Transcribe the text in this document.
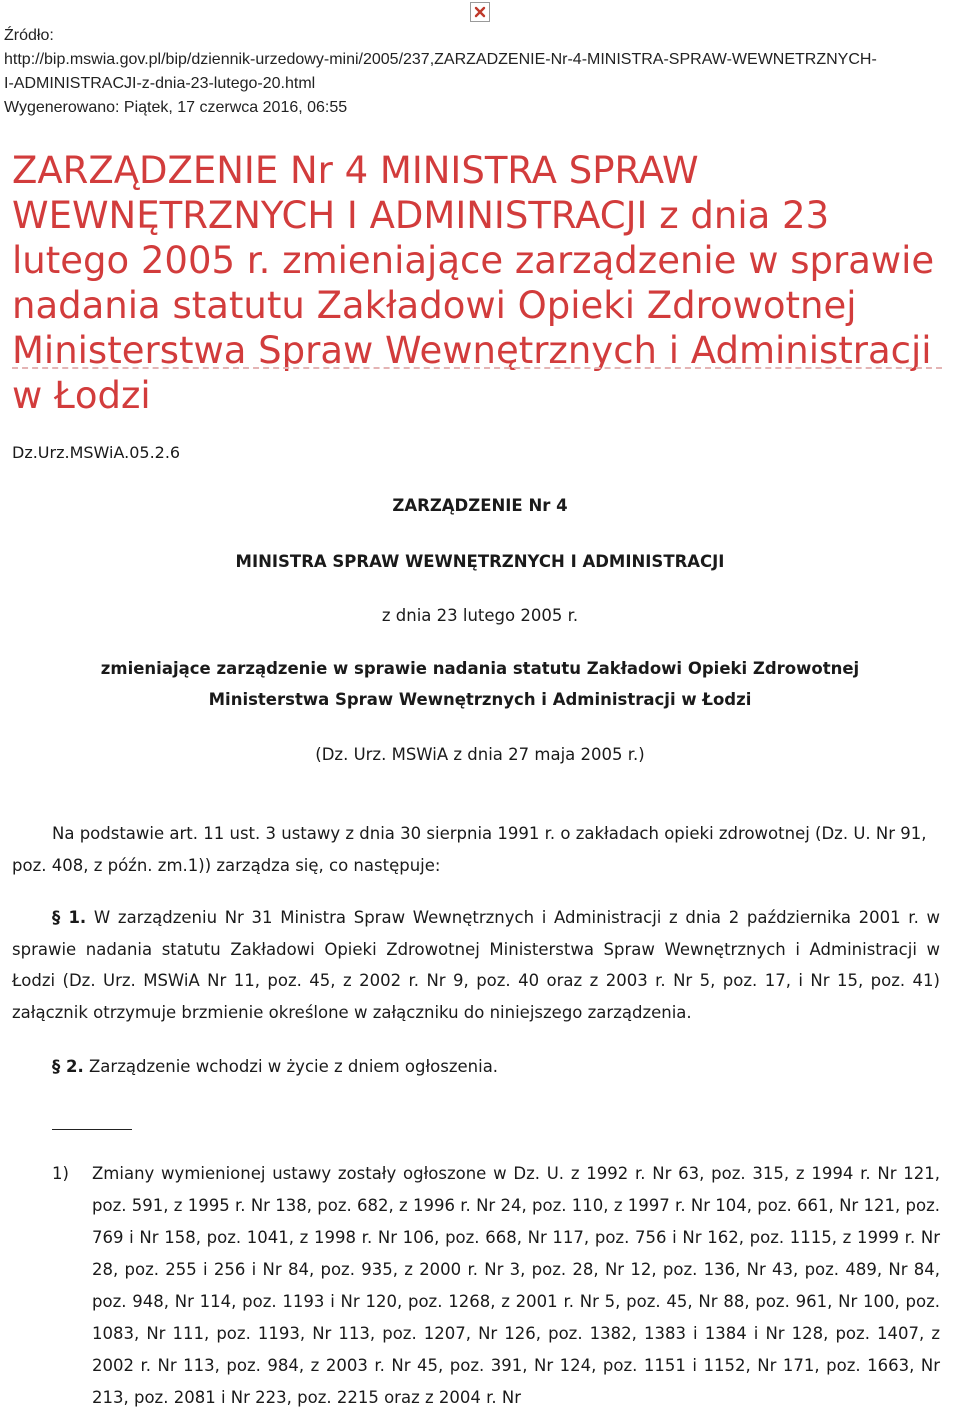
Źródło:
http://bip.mswia.gov.pl/bip/dziennik-urzedowy-mini/2005/237,ZARZADZENIE-Nr-4-MINISTRA-SPRAW-WEWNETRZNYCH-
I-ADMINISTRACJI-z-dnia-23-lutego-20.html
Wygenerowano: Piątek, 17 czerwca 2016, 06:55
ZARZĄDZENIE Nr 4 MINISTRA SPRAW WEWNĘTRZNYCH I ADMINISTRACJI z dnia 23 lutego 2005 r. zmieniające zarządzenie w sprawie nadania statutu Zakładowi Opieki Zdrowotnej Ministerstwa Spraw Wewnętrznych i Administracji w Łodzi
Dz.Urz.MSWiA.05.2.6
ZARZĄDZENIE Nr 4
MINISTRA SPRAW WEWNĘTRZNYCH I ADMINISTRACJI
z dnia 23 lutego 2005 r.
zmieniające zarządzenie w sprawie nadania statutu Zakładowi Opieki Zdrowotnej
Ministerstwa Spraw Wewnętrznych i Administracji w Łodzi
(Dz. Urz. MSWiA z dnia 27 maja 2005 r.)
Na podstawie art. 11 ust. 3 ustawy z dnia 30 sierpnia 1991 r. o zakładach opieki zdrowotnej (Dz. U. Nr 91, poz. 408, z późn. zm.1)) zarządza się, co następuje:
§ 1. W zarządzeniu Nr 31 Ministra Spraw Wewnętrznych i Administracji z dnia 2 października 2001 r. w sprawie nadania statutu Zakładowi Opieki Zdrowotnej Ministerstwa Spraw Wewnętrznych i Administracji w Łodzi (Dz. Urz. MSWiA Nr 11, poz. 45, z 2002 r. Nr 9, poz. 40 oraz z 2003 r. Nr 5, poz. 17, i Nr 15, poz. 41) załącznik otrzymuje brzmienie określone w załączniku do niniejszego zarządzenia.
§ 2. Zarządzenie wchodzi w życie z dniem ogłoszenia.
1) Zmiany wymienionej ustawy zostały ogłoszone w Dz. U. z 1992 r. Nr 63, poz. 315, z 1994 r. Nr 121, poz. 591, z 1995 r. Nr 138, poz. 682, z 1996 r. Nr 24, poz. 110, z 1997 r. Nr 104, poz. 661, Nr 121, poz. 769 i Nr 158, poz. 1041, z 1998 r. Nr 106, poz. 668, Nr 117, poz. 756 i Nr 162, poz. 1115, z 1999 r. Nr 28, poz. 255 i 256 i Nr 84, poz. 935, z 2000 r. Nr 3, poz. 28, Nr 12, poz. 136, Nr 43, poz. 489, Nr 84, poz. 948, Nr 114, poz. 1193 i Nr 120, poz. 1268, z 2001 r. Nr 5, poz. 45, Nr 88, poz. 961, Nr 100, poz. 1083, Nr 111, poz. 1193, Nr 113, poz. 1207, Nr 126, poz. 1382, 1383 i 1384 i Nr 128, poz. 1407, z 2002 r. Nr 113, poz. 984, z 2003 r. Nr 45, poz. 391, Nr 124, poz. 1151 i 1152, Nr 171, poz. 1663, Nr 213, poz. 2081 i Nr 223, poz. 2215 oraz z 2004 r. Nr
